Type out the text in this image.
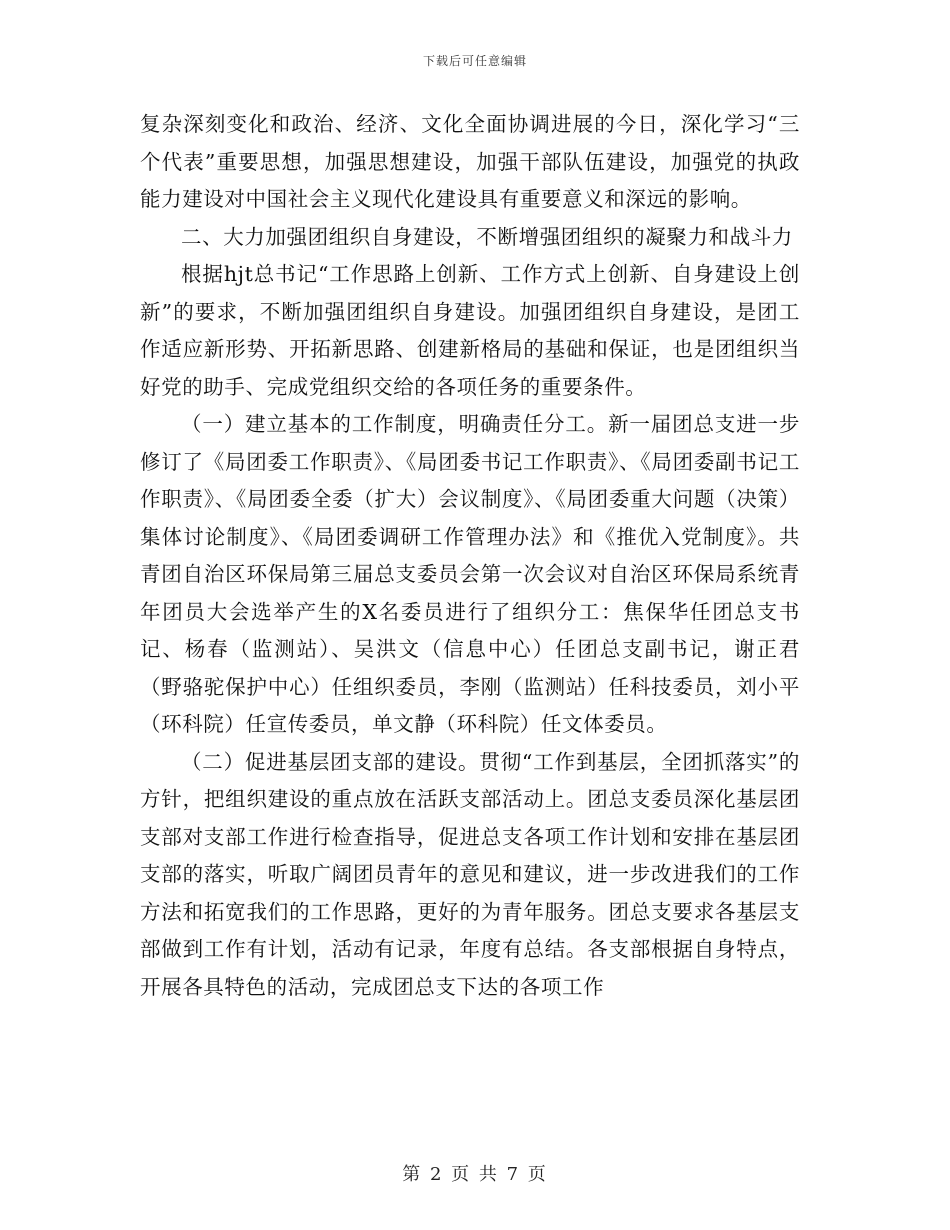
下载后可任意编辑

复杂深刻变化和政治、经济、文化全面协调进展的今日，深化学习“三个代表”重要思想，加强思想建设，加强干部队伍建设，加强党的执政能力建设对中国社会主义现代化建设具有重要意义和深远的影响。

二、大力加强团组织自身建设，不断增强团组织的凝聚力和战斗力

根据hjt总书记“工作思路上创新、工作方式上创新、自身建设上创新”的要求，不断加强团组织自身建设。加强团组织自身建设，是团工作适应新形势、开拓新思路、创建新格局的基础和保证，也是团组织当好党的助手、完成党组织交给的各项任务的重要条件。

（一）建立基本的工作制度，明确责任分工。新一届团总支进一步修订了《局团委工作职责》、《局团委书记工作职责》、《局团委副书记工作职责》、《局团委全委（扩大）会议制度》、《局团委重大问题（决策）集体讨论制度》、《局团委调研工作管理办法》和《推优入党制度》。共青团自治区环保局第三届总支委员会第一次会议对自治区环保局系统青年团员大会选举产生的X名委员进行了组织分工：焦保华任团总支书记、杨春（监测站）、吴洪文（信息中心）任团总支副书记，谢正君（野骆驼保护中心）任组织委员，李刚（监测站）任科技委员，刘小平（环科院）任宣传委员，单文静（环科院）任文体委员。

（二）促进基层团支部的建设。贯彻“工作到基层，全团抓落实”的方针，把组织建设的重点放在活跃支部活动上。团总支委员深化基层团支部对支部工作进行检查指导，促进总支各项工作计划和安排在基层团支部的落实，听取广阔团员青年的意见和建议，进一步改进我们的工作方法和拓宽我们的工作思路，更好的为青年服务。团总支要求各基层支部做到工作有计划，活动有记录，年度有总结。各支部根据自身特点，开展各具特色的活动，完成团总支下达的各项工作

第 2 页 共 7 页
